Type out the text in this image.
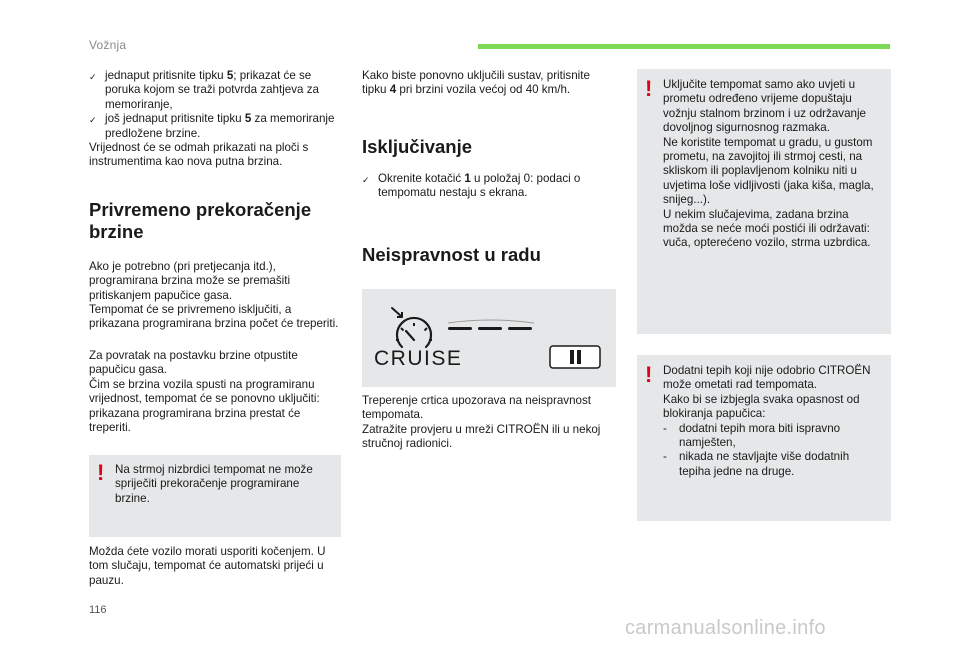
Vožnja
✓ jednaput pritisnite tipku 5; prikazat će se poruka kojom se traži potvrda zahtjeva za memoriranje,
✓ još jednaput pritisnite tipku 5 za memoriranje predložene brzine.

Vrijednost će se odmah prikazati na ploči s instrumentima kao nova putna brzina.

Privremeno prekoračenje brzine

Ako je potrebno (pri pretjecanja itd.), programirana brzina može se premašiti pritiskanjem papučice gasa.
Tempomat će se privremeno isključiti, a prikazana programirana brzina počet će treperiti.

Za povratak na postavku brzine otpustite papučicu gasa.
Čim se brzina vozila spusti na programiranu vrijednost, tempomat će se ponovno uključiti: prikazana programirana brzina prestat će treperiti.

! Na strmoj nizbrdici tempomat ne može spriječiti prekoračenje programirane brzine.

Možda ćete vozilo morati usporiti kočenjem. U tom slučaju, tempomat će automatski prijeći u pauzu.

Kako biste ponovno uključili sustav, pritisnite tipku 4 pri brzini vozila većoj od 40 km/h.

Isključivanje
✓ Okrenite kotačić 1 u položaj 0: podaci o tempomatu nestaju s ekrana.
Neispravnost u radu
CRUISE

Treperenje crtica upozorava na neispravnost tempomata.
Zatražite provjeru u mreži CITROËN ili u nekoj stručnoj radionici.

! Uključite tempomat samo ako uvjeti u prometu određeno vrijeme dopuštaju vožnju stalnom brzinom i uz održavanje dovoljnog sigurnosnog razmaka.
Ne koristite tempomat u gradu, u gustom prometu, na zavojitoj ili strmoj cesti, na skliskom ili poplavljenom kolniku niti u uvjetima loše vidljivosti (jaka kiša, magla, snijeg...).
U nekim slučajevima, zadana brzina možda se neće moći postići ili održavati: vuča, opterećeno vozilo, strma uzbrdica.

! Dodatni tepih koji nije odobrio CITROËN može ometati rad tempomata.
Kako bi se izbjegla svaka opasnost od blokiranja papučica:

-	dodatni tepih mora biti ispravno namješten,
-	nikada ne stavljajte više dodatnih tepiha jedne na druge.
116
carmanualsonline.info
